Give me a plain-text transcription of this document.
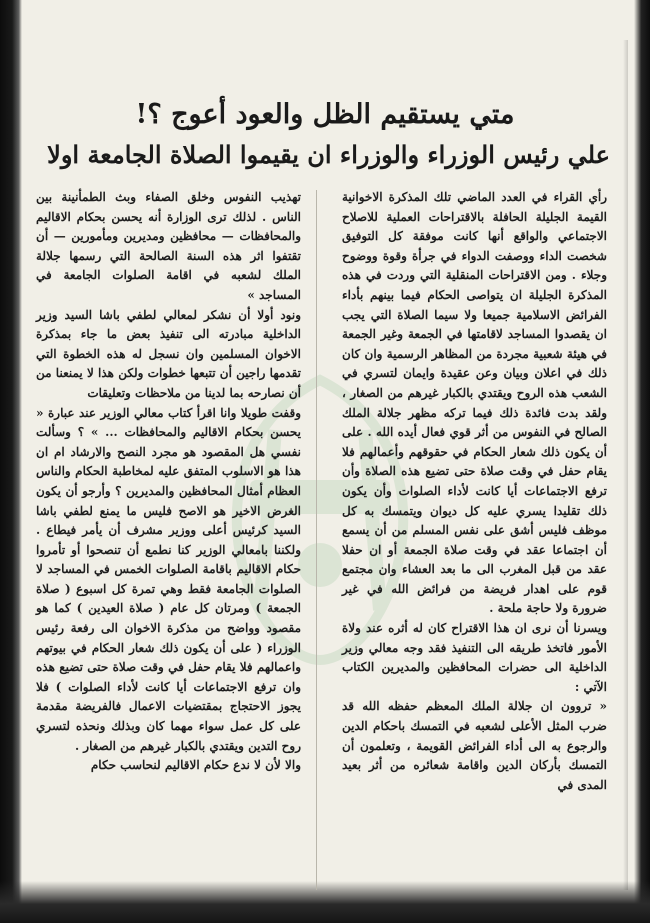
متي يستقيم الظل والعود أعوج ؟!
علي رئيس الوزراء والوزراء ان يقيموا الصلاة الجامعة اولا

رأي القراء في العدد الماضي تلك المذكرة الاخوانية القيمة الجليلة الحافلة بالاقتراحات العملية للاصلاح الاجتماعي والواقع أنها كانت موفقة كل التوفيق شخصت الداء ووصفت الدواء في جرأة وقوة ووضوح وجلاء . ومن الاقتراحات المنقلية التي وردت في هذه المذكرة الجليلة ان يتواصى الحكام فيما بينهم بأداء الفرائض الاسلامية جميعا ولا سيما الصلاة التي يجب ان يقصدوا المساجد لاقامتها في الجمعة وغير الجمعة في هيئة شعبية مجردة من المظاهر الرسمية وان كان ذلك في اعلان وبيان وعن عقيدة وايمان لتسري في الشعب هذه الروح ويقتدي بالكبار غيرهم من الصغار ، ولقد بدت فائدة ذلك فيما تركه مظهر جلالة الملك الصالح في النفوس من أثر قوي فعال أيده الله . على أن يكون ذلك شعار الحكام في حقوقهم وأعمالهم فلا يقام حفل في وقت صلاة حتى تضيع هذه الصلاة وأن ترفع الاجتماعات أيا كانت لأداء الصلوات وأن يكون ذلك تقليدا يسري عليه كل ديوان ويتمسك به كل موظف فليس أشق على نفس المسلم من أن يسمع أن اجتماعا عقد في وقت صلاة الجمعة أو ان حفلا عقد من قبل المغرب الى ما بعد العشاء وان مجتمع قوم على اهدار فريضة من فرائض الله في غير ضرورة ولا حاجة ملحة .

ويسرنا أن نرى ان هذا الاقتراح كان له أثره عند ولاة الأمور فاتخذ طريقه الى التنفيذ فقد وجه معالي وزير الداخلية الى حضرات المحافظين والمديرين الكتاب الآتي :

« تروون ان جلالة الملك المعظم حفظه الله قد ضرب المثل الأعلى لشعبه في التمسك باحكام الدين والرجوع به الى أداء الفرائض القويمة ، وتعلمون أن التمسك بأركان الدين واقامة شعائره من أثر بعيد المدى في

تهذيب النفوس وخلق الصفاء وبث الطمأنينة بين الناس . لذلك ترى الوزارة أنه يحسن بحكام الاقاليم والمحافظات — محافظين ومديرين ومأمورين — أن تقتفوا اثر هذه السنة الصالحة التي رسمها جلالة الملك لشعبه في اقامة الصلوات الجامعة في المساجد »

ونود أولا أن نشكر لمعالي لطفي باشا السيد وزير الداخلية مبادرته الى تنفيذ بعض ما جاء بمذكرة الاخوان المسلمين وان نسجل له هذه الخطوة التي تقدمها راجين أن تتبعها خطوات ولكن هذا لا يمنعنا من أن نصارحه بما لدينا من ملاحظات وتعليقات

وقفت طويلا وانا اقرأ كتاب معالي الوزير عند عبارة « يحسن بحكام الاقاليم والمحافظات ... » ؟ وسألت نفسي هل المقصود هو مجرد النصح والارشاد ام ان هذا هو الاسلوب المتفق عليه لمخاطبة الحكام والناس العظام أمثال المحافظين والمديرين ؟ وأرجو أن يكون الغرض الاخير هو الاصح فليس ما يمنع لطفي باشا السيد كرئيس أعلى ووزير مشرف أن يأمر فيطاع . ولكننا بامعالي الوزير كنا نطمع أن تنصحوا أو تأمروا حكام الاقاليم باقامة الصلوات الخمس في المساجد لا الصلوات الجامعة فقط وهي تمرة كل اسبوع ( صلاة الجمعة ) ومرتان كل عام ( صلاة العيدين ) كما هو مقصود وواضح من مذكرة الاخوان الى رفعة رئيس الوزراء ( على أن يكون ذلك شعار الحكام في بيوتهم واعمالهم فلا يقام حفل في وقت صلاة حتى تضيع هذه وان ترفع الاجتماعات أيا كانت لأداء الصلوات ) فلا يجوز الاحتجاج بمقتضيات الاعمال فالفريضة مقدمة على كل عمل سواء مهما كان وبذلك ونحذه لتسري روح التدين ويقتدي بالكبار غيرهم من الصغار .

والا لأن لا ندع حكام الاقاليم لنحاسب حكام
